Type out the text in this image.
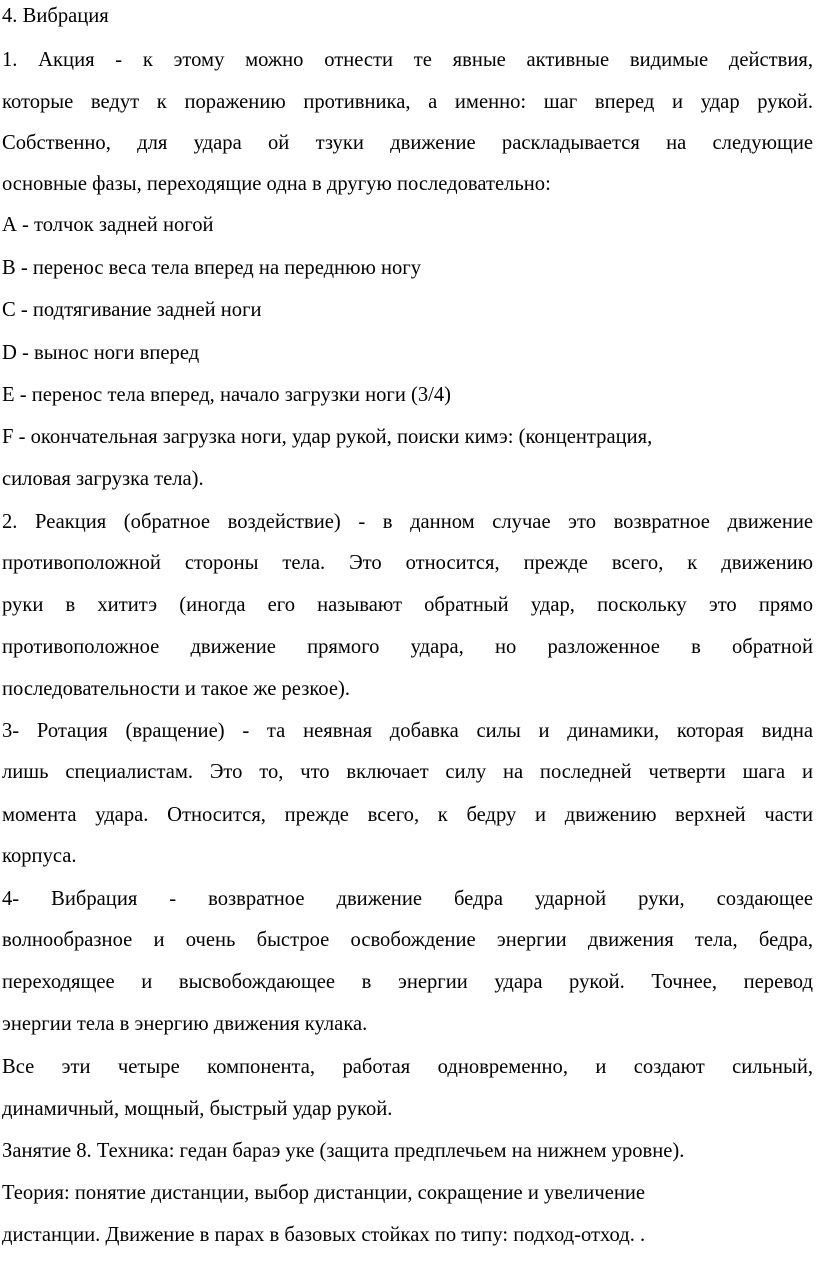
4. Вибрация
1. Акция - к этому можно отнести те явные активные видимые действия,
которые ведут к поражению противника, а именно: шаг вперед и удар рукой.
Собственно, для удара ой тзуки движение раскладывается на следующие
основные фазы, переходящие одна в другую последовательно:
А - толчок задней ногой
В - перенос веса тела вперед на переднюю ногу
С - подтягивание задней ноги
D - вынос ноги вперед
Е - перенос тела вперед, начало загрузки ноги (3/4)
F - окончательная загрузка ноги, удар рукой, поиски кимэ: (концентрация,
силовая загрузка тела).
2. Реакция (обратное воздействие) - в данном случае это возвратное движение
противоположной стороны тела. Это относится, прежде всего, к движению
руки в хититэ (иногда его называют обратный удар, поскольку это прямо
противоположное движение прямого удара, но разложенное в обратной
последовательности и такое же резкое).
3- Ротация (вращение) - та неявная добавка силы и динамики, которая видна
лишь специалистам. Это то, что включает силу на последней четверти шага и
момента удара. Относится, прежде всего, к бедру и движению верхней части
корпуса.
4- Вибрация - возвратное движение бедра ударной руки, создающее
волнообразное и очень быстрое освобождение энергии движения тела, бедра,
переходящее и высвобождающее в энергии удара рукой. Точнее, перевод
энергии тела в энергию движения кулака.
Все эти четыре компонента, работая одновременно, и создают сильный,
динамичный, мощный, быстрый удар рукой.
Занятие 8. Техника: гедан бараэ уке (защита предплечьем на нижнем уровне).
Теория: понятие дистанции, выбор дистанции, сокращение и увеличение
дистанции. Движение в парах в базовых стойках по типу: подход-отход. .
